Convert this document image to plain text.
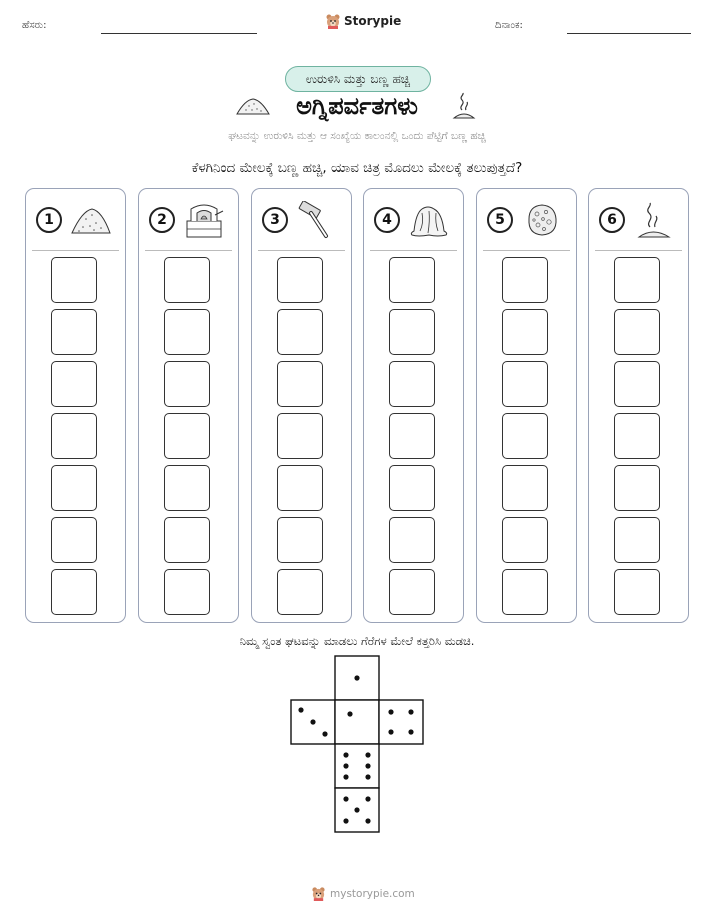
ಹೆಸರು:	Storypie	ದಿನಾಂಕ:
ಉರುಳಿಸಿ ಮತ್ತು ಬಣ್ಣ ಹಚ್ಚಿ
ಅಗ್ನಿಪರ್ವತಗಳು
ಘಟವನ್ನು ಉರುಳಿಸಿ ಮತ್ತು ಆ ಸಂಖ್ಯೆಯ ಕಾಲಂನಲ್ಲಿ ಒಂದು ಪೆಟ್ಟಿಗೆ ಬಣ್ಣ ಹಚ್ಚಿ
ಕೆಳಗಿನಿಂದ ಮೇಲಕ್ಕೆ ಬಣ್ಣ ಹಚ್ಚಿ, ಯಾವ ಚಿತ್ರ ಮೊದಲು ಮೇಲಕ್ಕೆ ತಲುಪುತ್ತದೆ?
1	2	3	4	5	6
ನಿಮ್ಮ ಸ್ವಂತ ಘಟವನ್ನು ಮಾಡಲು ಗೆರೆಗಳ ಮೇಲೆ ಕತ್ತರಿಸಿ ಮಡಚಿ.
mystorypie.com
